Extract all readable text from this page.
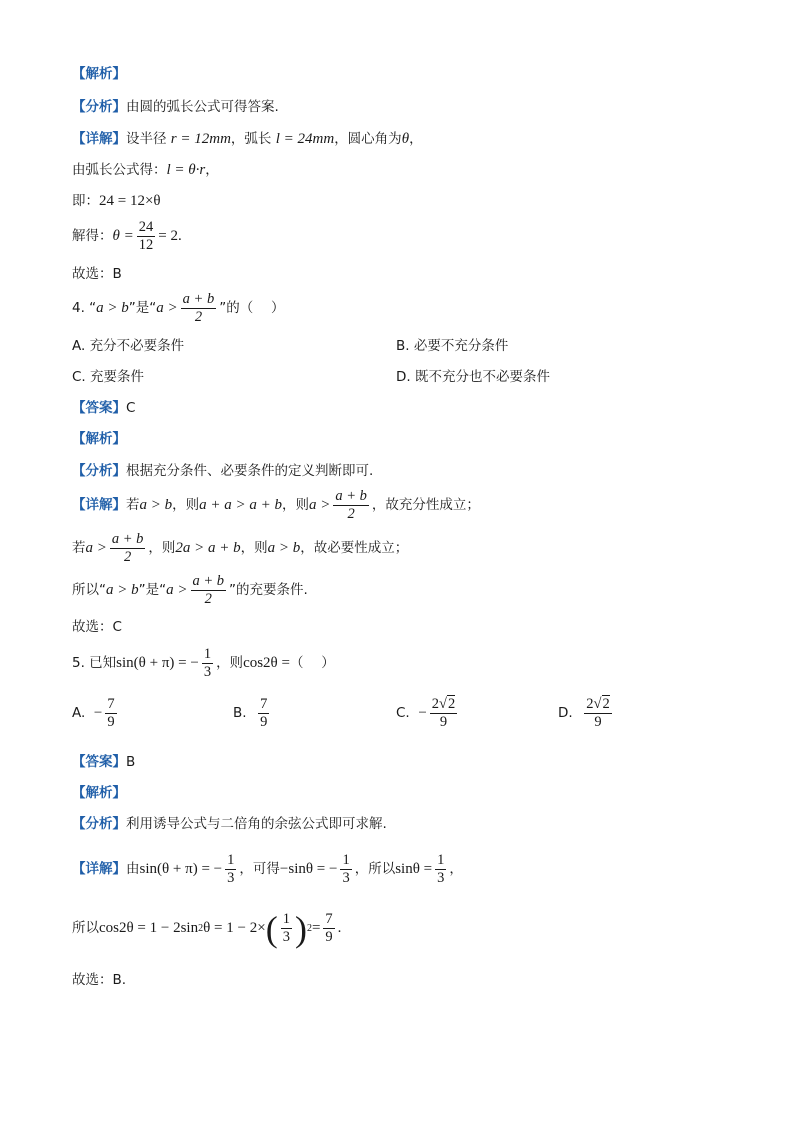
【解析】
【分析】 由圆的弧长公式可得答案.
【详解】 设半径
r = 12mm ，弧长
l = 24mm ，圆心角为 θ ，
由弧长公式得： l = θ·r ，
即： 24 = 12×θ
解得： $\theta = \frac{24}{12} = 2$.
故选：B
4. “ a > b ”是“ $a > \frac{a + b}{2}$ ”的（　 ）
A. 充分不必要条件	B. 必要不充分条件
C. 充要条件	D. 既不充分也不必要条件
【答案】 C
【解析】
【分析】 根据充分条件、必要条件的定义判断即可.
【详解】 若 a > b ，则 a + a > a + b ，则 $a > \frac{a + b}{2}$ ，故充分性成立；
若 $a > \frac{a + b}{2}$ ，则 2a > a + b ，则 a > b ，故必要性成立；
所以“ a > b ”是“ $a > \frac{a + b}{2}$ ”的充要条件.
故选：C
5. 已知 sin(θ + π) = − $\frac{1}{3}$ ，则 cos2θ = （　 ）
A.
− $\frac{7}{9}$	B.
$\frac{7}{9}$	C.
− $\frac{2√2}{9}$	D.
$\frac{2√2}{9}$
【答案】 B
【解析】
【分析】 利用诱导公式与二倍角的余弦公式即可求解.
【详解】 由 sin(θ + π) = − $\frac{1}{3}$ ，可得 −sinθ = − $\frac{1}{3}$ ，所以 $\sin\theta = \frac{1}{3}$ ，
所以 cos2θ = 1 − 2sin 2 θ = 1 − 2× ( $\frac{1}{3}$ ) $2 = \frac{7}{9}$ .
故选：B.
